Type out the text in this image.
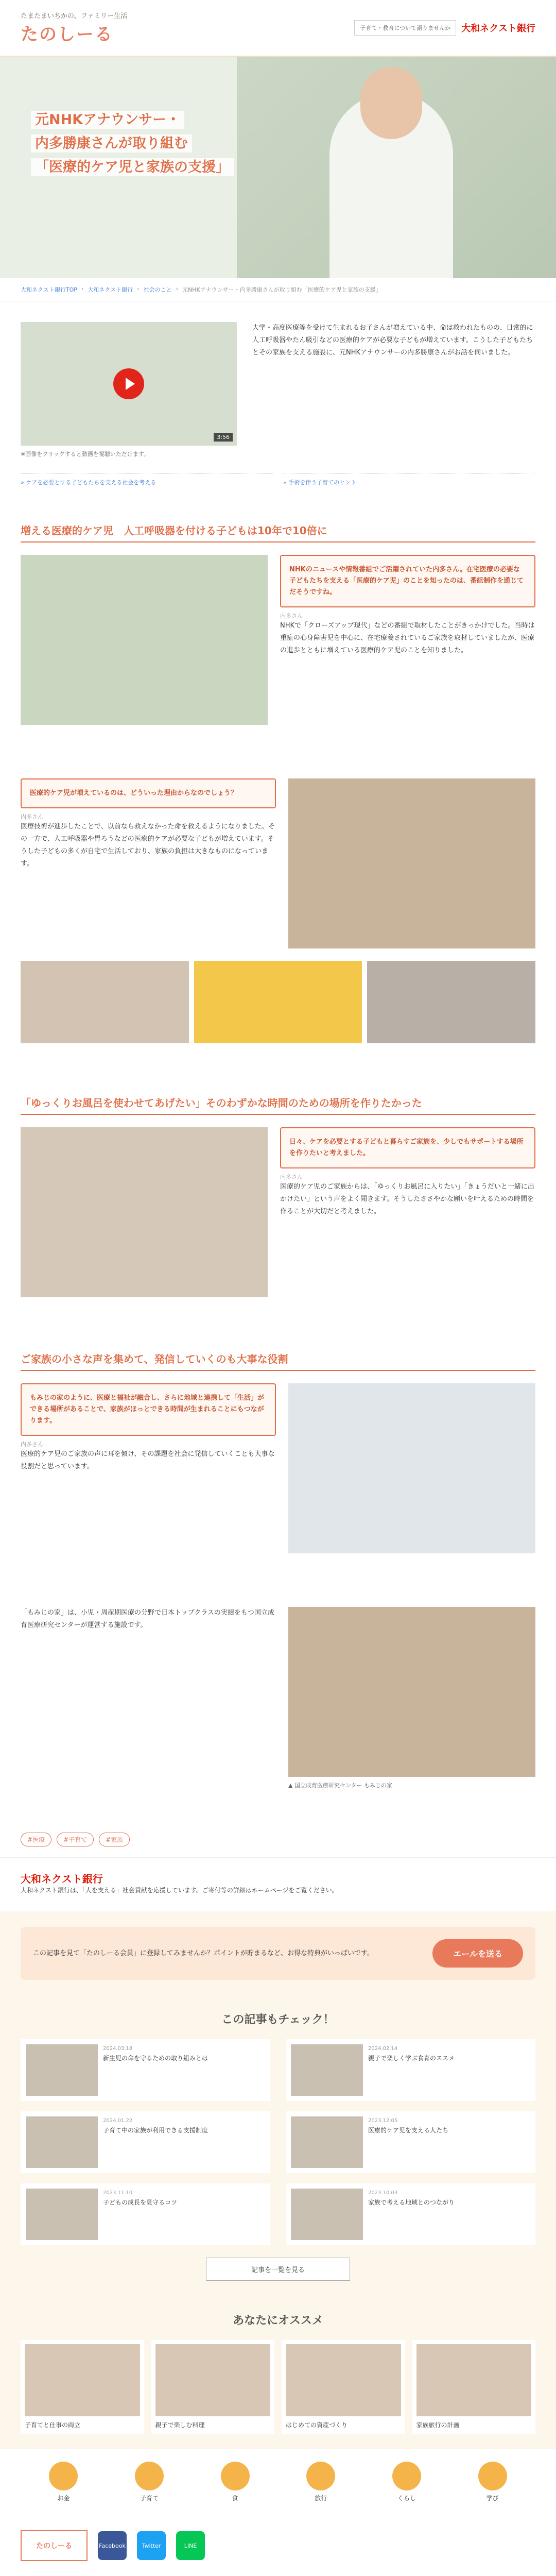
たまたまいちかの、ファミリー生活
たのしーる	子育て・教育について語りませんか	大和ネクスト銀行
元NHKアナウンサー・
内多勝康さんが取り組む
「医療的ケア児と家族の支援」
大和ネクスト銀行TOP › 大和ネクスト銀行 › 社会のこと › 元NHKアナウンサー・内多勝康さんが取り組む「医療的ケア児と家族の支援」
3:56
※画像をクリックすると動画を視聴いただけます。
大学・高度医療等を受けて生まれるお子さんが増えている中、命は救われたものの、日常的に人工呼吸器やたん吸引などの医療的ケアが必要な子どもが増えています。こうした子どもたちとその家族を支える施設に、元NHKアナウンサーの内多勝康さんがお話を伺いました。
» ケアを必要とする子どもたちを支える社会を考える	» 手術を伴う子育てのヒント
増える医療的ケア児　人工呼吸器を付ける子どもは10年で10倍に
NHKのニュースや情報番組でご活躍されていた内多さん。在宅医療の必要な子どもたちを支える「医療的ケア児」のことを知ったのは、番組制作を通じてだそうですね。
内多さん

NHKで「クローズアップ現代」などの番組で取材したことがきっかけでした。当時は重症の心身障害児を中心に、在宅療養されているご家族を取材していましたが、医療の進歩とともに増えている医療的ケア児のことを知りました。

医療的ケア児が増えているのは、どういった理由からなのでしょう？
内多さん

医療技術が進歩したことで、以前なら救えなかった命を救えるようになりました。その一方で、人工呼吸器や胃ろうなどの医療的ケアが必要な子どもが増えています。そうした子どもの多くが自宅で生活しており、家族の負担は大きなものになっています。

「ゆっくりお風呂を使わせてあげたい」そのわずかな時間のための場所を作りたかった
日々、ケアを必要とする子どもと暮らすご家族を、少しでもサポートする場所を作りたいと考えました。
内多さん

医療的ケア児のご家族からは、「ゆっくりお風呂に入りたい」「きょうだいと一緒に出かけたい」という声をよく聞きます。そうしたささやかな願いを叶えるための時間を作ることが大切だと考えました。

ご家族の小さな声を集めて、発信していくのも大事な役割
もみじの家のように、医療と福祉が融合し、さらに地域と連携して「生活」ができる場所があることで、家族がほっとできる時間が生まれることにもつながります。
内多さん

医療的ケア児のご家族の声に耳を傾け、その課題を社会に発信していくことも大事な役割だと思っています。

「もみじの家」は、小児・周産期医療の分野で日本トップクラスの実績をもつ国立成育医療研究センターが運営する施設です。

▲ 国立成育医療研究センター もみじの家
#医療	#子育て	#家族
大和ネクスト銀行

大和ネクスト銀行は、「人を支える」社会貢献を応援しています。ご寄付等の詳細はホームページをご覧ください。

この記事を見て「たのしーる会員」に登録してみませんか？ポイントが貯まるなど、お得な特典がいっぱいです。	エールを送る
この記事もチェック！
2024.03.18
新生児の命を守るための取り組みとは
2024.02.14
親子で楽しく学ぶ食育のススメ
2024.01.22
子育て中の家族が利用できる支援制度
2023.12.05
医療的ケア児を支える人たち
2023.11.10
子どもの成長を見守るコツ
2023.10.03
家族で考える地域とのつながり
記事を一覧を見る
あなたにオススメ
子育てと仕事の両立	親子で楽しむ料理	はじめての資産づくり	家族旅行の計画
お金	子育て	食	旅行	くらし	学び
たのしーる	Facebook	Twitter	LINE
